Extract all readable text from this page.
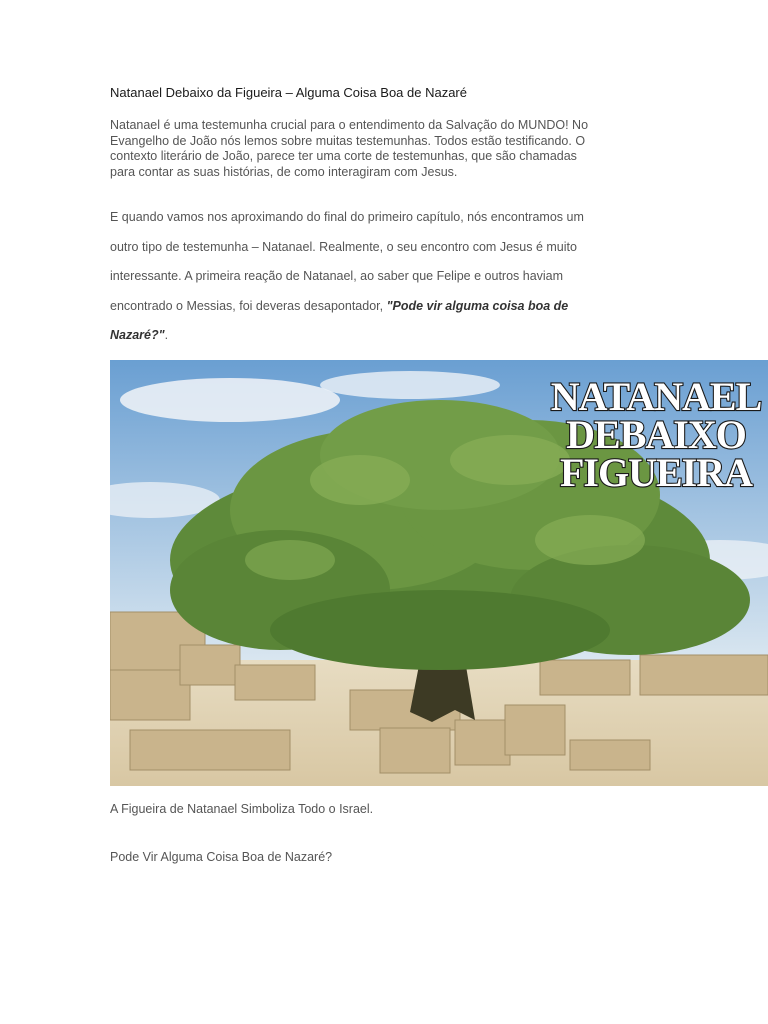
Natanael Debaixo da Figueira – Alguma Coisa Boa de Nazaré
Natanael é uma testemunha crucial para o entendimento da Salvação do MUNDO! No
Evangelho de João nós lemos sobre muitas testemunhas. Todos estão testificando. O
contexto literário de João, parece ter uma corte de testemunhas, que são chamadas
para contar as suas histórias, de como interagiram com Jesus.
E quando vamos nos aproximando do final do primeiro capítulo, nós encontramos um
outro tipo de testemunha – Natanael. Realmente, o seu encontro com Jesus é muito
interessante. A primeira reação de Natanael, ao saber que Felipe e outros haviam
encontrado o Messias, foi deveras desapontador, "Pode vir alguma coisa boa de
Nazaré?".
NATANAEL
DEBAIXO
FIGUEIRA
A Figueira de Natanael Simboliza Todo o Israel.
Pode Vir Alguma Coisa Boa de Nazaré?
